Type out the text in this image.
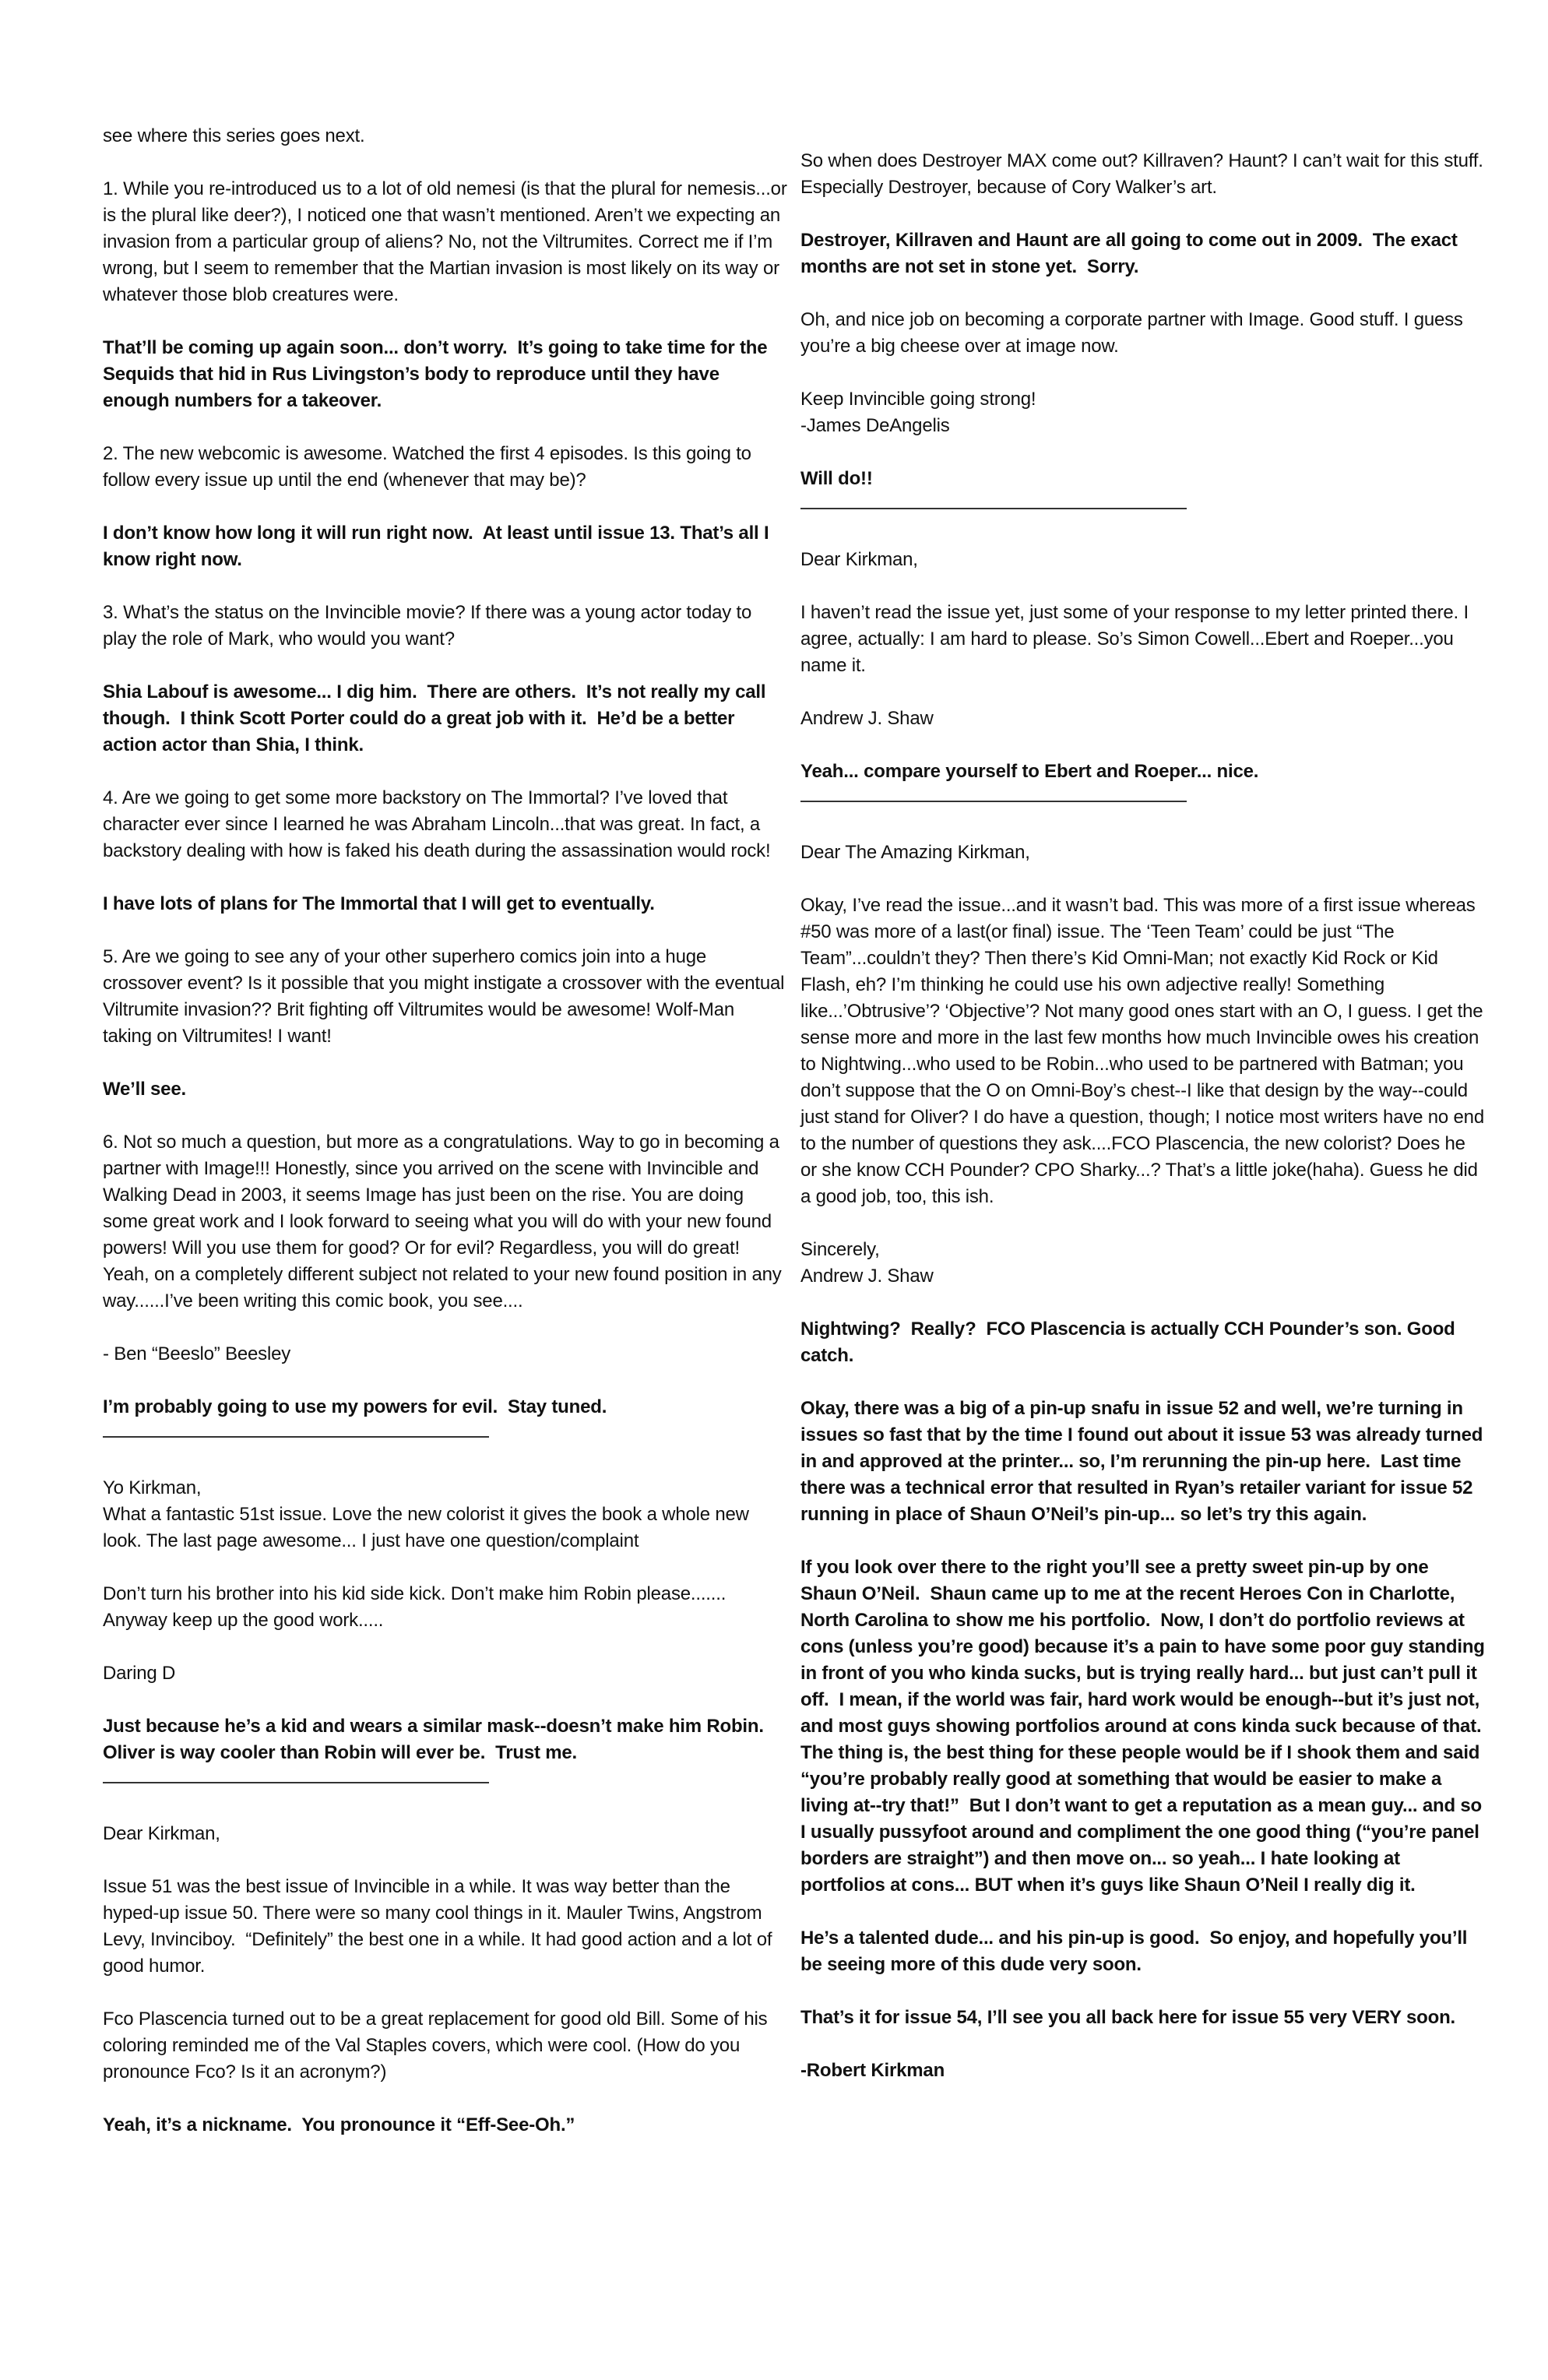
see where this series goes next.

1. While you re-introduced us to a lot of old nemesi (is that the plural for nemesis...or is the plural like deer?), I noticed one that wasn’t mentioned. Aren’t we expecting an invasion from a particular group of aliens? No, not the Viltrumites. Correct me if I’m wrong, but I seem to remember that the Martian invasion is most likely on its way or whatever those blob creatures were.

That’ll be coming up again soon... don’t worry.  It’s going to take time for the Sequids that hid in Rus Livingston’s body to reproduce until they have enough numbers for a takeover.

2. The new webcomic is awesome. Watched the first 4 episodes. Is this going to follow every issue up until the end (whenever that may be)?

I don’t know how long it will run right now.  At least until issue 13. That’s all I know right now.

3. What’s the status on the Invincible movie? If there was a young actor today to play the role of Mark, who would you want?

Shia Labouf is awesome... I dig him.  There are others.  It’s not really my call though.  I think Scott Porter could do a great job with it.  He’d be a better action actor than Shia, I think.

4. Are we going to get some more backstory on The Immortal? I’ve loved that character ever since I learned he was Abraham Lincoln...that was great. In fact, a backstory dealing with how is faked his death during the assassination would rock!

I have lots of plans for The Immortal that I will get to eventually.

5. Are we going to see any of your other superhero comics join into a huge crossover event? Is it possible that you might instigate a crossover with the eventual Viltrumite invasion?? Brit fighting off Viltrumites would be awesome! Wolf-Man taking on Viltrumites! I want!

We’ll see.

6. Not so much a question, but more as a congratulations. Way to go in becoming a partner with Image!!! Honestly, since you arrived on the scene with Invincible and Walking Dead in 2003, it seems Image has just been on the rise. You are doing some great work and I look forward to seeing what you will do with your new found powers! Will you use them for good? Or for evil? Regardless, you will do great! Yeah, on a completely different subject not related to your new found position in any way......I’ve been writing this comic book, you see....

- Ben “Beeslo” Beesley

I’m probably going to use my powers for evil.  Stay tuned.

Yo Kirkman,

What a fantastic 51st issue. Love the new colorist it gives the book a whole new look. The last page awesome... I just have one question/complaint

Don’t turn his brother into his kid side kick. Don’t make him Robin please.......

Anyway keep up the good work.....

Daring D

Just because he’s a kid and wears a similar mask--doesn’t make him Robin.  Oliver is way cooler than Robin will ever be.  Trust me.

Dear Kirkman,

Issue 51 was the best issue of Invincible in a while. It was way better than the hyped-up issue 50. There were so many cool things in it. Mauler Twins, Angstrom Levy, Invinciboy.  “Definitely” the best one in a while. It had good action and a lot of good humor.

Fco Plascencia turned out to be a great replacement for good old Bill. Some of his coloring reminded me of the Val Staples covers, which were cool. (How do you pronounce Fco? Is it an acronym?)

Yeah, it’s a nickname.  You pronounce it “Eff-See-Oh.”

So when does Destroyer MAX come out? Killraven? Haunt? I can’t wait for this stuff. Especially Destroyer, because of Cory Walker’s art.

Destroyer, Killraven and Haunt are all going to come out in 2009.  The exact months are not set in stone yet.  Sorry.

Oh, and nice job on becoming a corporate partner with Image. Good stuff. I guess you’re a big cheese over at image now.

Keep Invincible going strong!

-James DeAngelis

Will do!!

Dear Kirkman,

I haven’t read the issue yet, just some of your response to my letter printed there. I agree, actually: I am hard to please. So’s Simon Cowell...Ebert and Roeper...you name it.

Andrew J. Shaw

Yeah... compare yourself to Ebert and Roeper... nice.

Dear The Amazing Kirkman,

Okay, I’ve read the issue...and it wasn’t bad. This was more of a first issue whereas #50 was more of a last(or final) issue. The ‘Teen Team’ could be just “The Team”...couldn’t they? Then there’s Kid Omni-Man; not exactly Kid Rock or Kid Flash, eh? I’m thinking he could use his own adjective really! Something like...’Obtrusive’? ‘Objective’? Not many good ones start with an O, I guess. I get the sense more and more in the last few months how much Invincible owes his creation to Nightwing...who used to be Robin...who used to be partnered with Batman; you don’t suppose that the O on Omni-Boy’s chest--I like that design by the way--could just stand for Oliver? I do have a question, though; I notice most writers have no end to the number of questions they ask....FCO Plascencia, the new colorist? Does he or she know CCH Pounder? CPO Sharky...? That’s a little joke(haha). Guess he did a good job, too, this ish.

Sincerely,

Andrew J. Shaw

Nightwing?  Really?  FCO Plascencia is actually CCH Pounder’s son. Good catch.

Okay, there was a big of a pin-up snafu in issue 52 and well, we’re turning in issues so fast that by the time I found out about it issue 53 was already turned in and approved at the printer... so, I’m rerunning the pin-up here.  Last time there was a technical error that resulted in Ryan’s retailer variant for issue 52 running in place of Shaun O’Neil’s pin-up... so let’s try this again.

If you look over there to the right you’ll see a pretty sweet pin-up by one Shaun O’Neil.  Shaun came up to me at the recent Heroes Con in Charlotte, North Carolina to show me his portfolio.  Now, I don’t do portfolio reviews at cons (unless you’re good) because it’s a pain to have some poor guy standing in front of you who kinda sucks, but is trying really hard... but just can’t pull it off.  I mean, if the world was fair, hard work would be enough--but it’s just not, and most guys showing portfolios around at cons kinda suck because of that.  The thing is, the best thing for these people would be if I shook them and said “you’re probably really good at something that would be easier to make a living at--try that!”  But I don’t want to get a reputation as a mean guy... and so I usually pussyfoot around and compliment the one good thing (“you’re panel borders are straight”) and then move on... so yeah... I hate looking at portfolios at cons... BUT when it’s guys like Shaun O’Neil I really dig it.

He’s a talented dude... and his pin-up is good.  So enjoy, and hopefully you’ll be seeing more of this dude very soon.

That’s it for issue 54, I’ll see you all back here for issue 55 very VERY soon.

-Robert Kirkman
